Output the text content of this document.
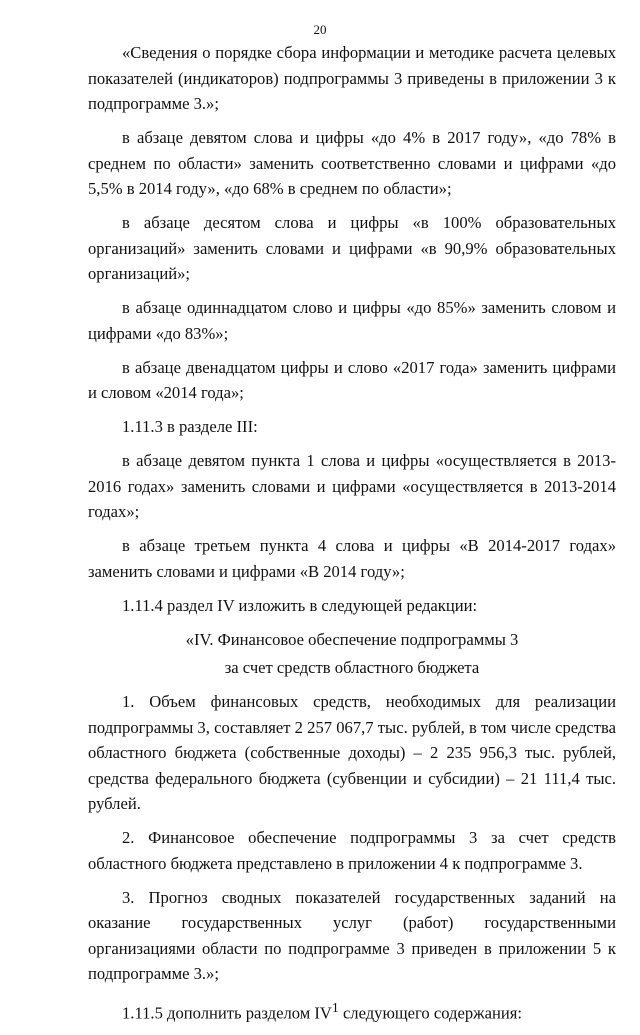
20

«Сведения о порядке сбора информации и методике расчета целевых показателей (индикаторов) подпрограммы 3 приведены в приложении 3 к подпрограмме 3.»;

в абзаце девятом слова и цифры «до 4% в 2017 году», «до 78% в среднем по области» заменить соответственно словами и цифрами «до 5,5% в 2014 году», «до 68% в среднем по области»;

в абзаце десятом слова и цифры «в 100% образовательных организаций» заменить словами и цифрами «в 90,9% образовательных организаций»;

в абзаце одиннадцатом слово и цифры «до 85%» заменить словом и цифрами «до 83%»;

в абзаце двенадцатом цифры и слово «2017 года» заменить цифрами и словом «2014 года»;

1.11.3 в разделе III:

в абзаце девятом пункта 1 слова и цифры «осуществляется в 2013-2016 годах» заменить словами и цифрами «осуществляется в 2013-2014 годах»;

в абзаце третьем пункта 4 слова и цифры «В 2014-2017 годах» заменить словами и цифрами «В 2014 году»;

1.11.4 раздел IV изложить в следующей редакции:

«IV. Финансовое обеспечение подпрограммы 3

за счет средств областного бюджета

1. Объем финансовых средств, необходимых для реализации подпрограммы 3, составляет 2 257 067,7 тыс. рублей, в том числе средства областного бюджета (собственные доходы) – 2 235 956,3 тыс. рублей, средства федерального бюджета (субвенции и субсидии) – 21 111,4 тыс. рублей.

2. Финансовое обеспечение подпрограммы 3 за счет средств областного бюджета представлено в приложении 4 к подпрограмме 3.

3. Прогноз сводных показателей государственных заданий на оказание государственных услуг (работ) государственными организациями области по подпрограмме 3 приведен в приложении 5 к подпрограмме 3.»;

1.11.5 дополнить разделом $IV^1$ следующего содержания:
